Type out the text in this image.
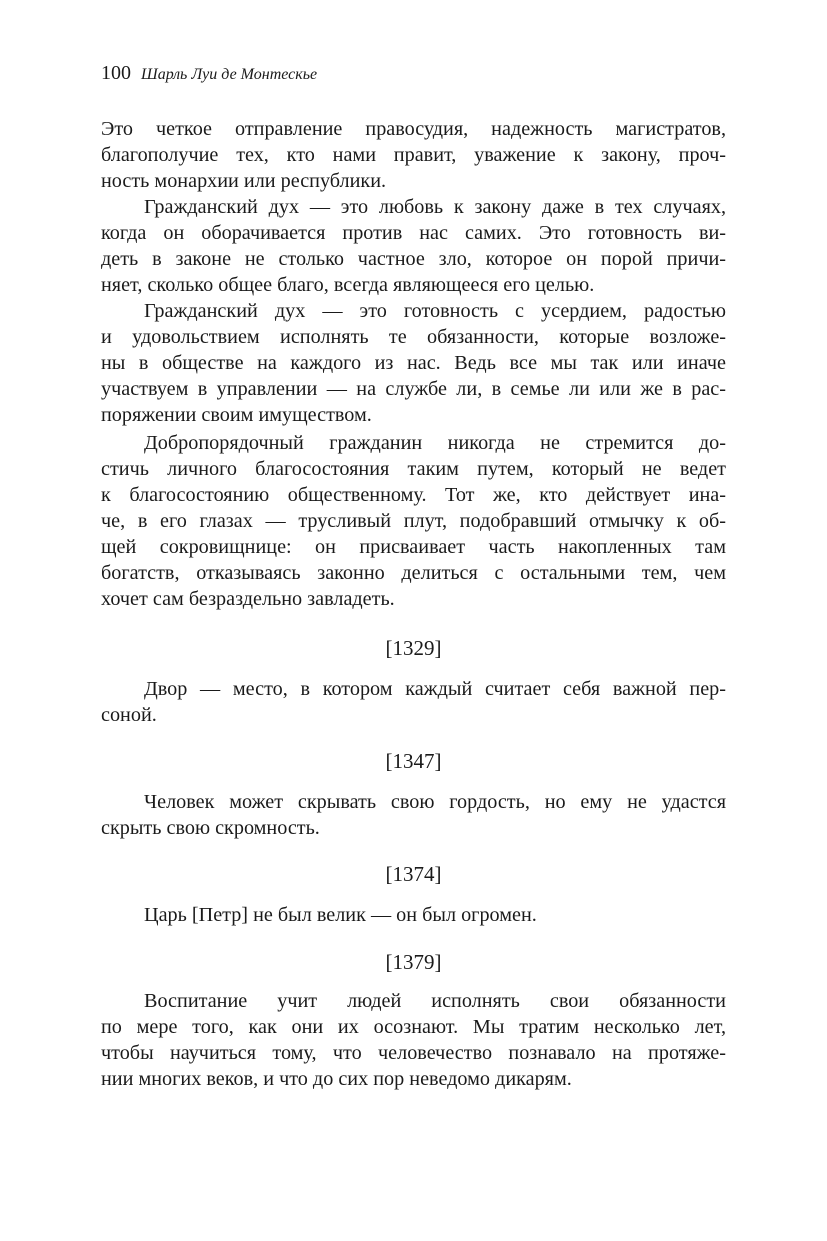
100 Шарль Луи де Монтескье
Это четкое отправление правосудия, надежность магистратов,
благополучие тех, кто нами правит, уважение к закону, проч-
ность монархии или республики.
Гражданский дух — это любовь к закону даже в тех случаях,
когда он оборачивается против нас самих. Это готовность ви-
деть в законе не столько частное зло, которое он порой причи-
няет, сколько общее благо, всегда являющееся его целью.
Гражданский дух — это готовность с усердием, радостью
и удовольствием исполнять те обязанности, которые возложе-
ны в обществе на каждого из нас. Ведь все мы так или иначе
участвуем в управлении — на службе ли, в семье ли или же в рас-
поряжении своим имуществом.
Добропорядочный гражданин никогда не стремится до-
стичь личного благосостояния таким путем, который не ведет
к благосостоянию общественному. Тот же, кто действует ина-
че, в его глазах — трусливый плут, подобравший отмычку к об-
щей сокровищнице: он присваивает часть накопленных там
богатств, отказываясь законно делиться с остальными тем, чем
хочет сам безраздельно завладеть.
[1329]
Двор — место, в котором каждый считает себя важной пер-
соной.
[1347]
Человек может скрывать свою гордость, но ему не удастся
скрыть свою скромность.
[1374]
Царь [Петр] не был велик — он был огромен.
[1379]
Воспитание учит людей исполнять свои обязанности
по мере того, как они их осознают. Мы тратим несколько лет,
чтобы научиться тому, что человечество познавало на протяже-
нии многих веков, и что до сих пор неведомо дикарям.
